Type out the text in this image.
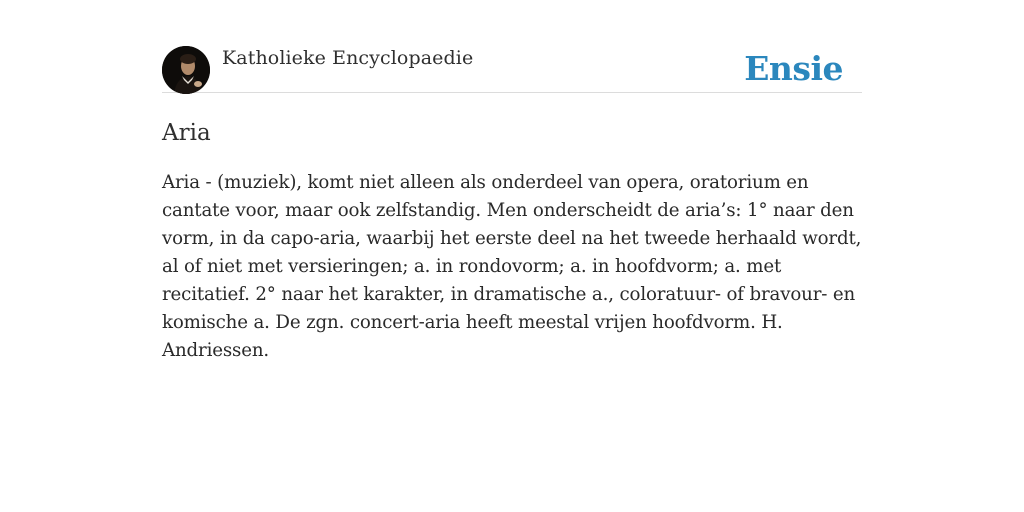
Katholieke Encyclopaedie	Ensie
Aria

Aria - (muziek), komt niet alleen als onderdeel van opera, oratorium en cantate voor, maar ook zelfstandig. Men onderscheidt de aria’s: 1° naar den vorm, in da capo-aria, waarbij het eerste deel na het tweede herhaald wordt, al of niet met versieringen; a. in rondovorm; a. in hoofdvorm; a. met recitatief. 2° naar het karakter, in dramatische a., coloratuur- of bravour- en komische a. De zgn. concert-aria heeft meestal vrijen hoofdvorm. H. Andriessen.
